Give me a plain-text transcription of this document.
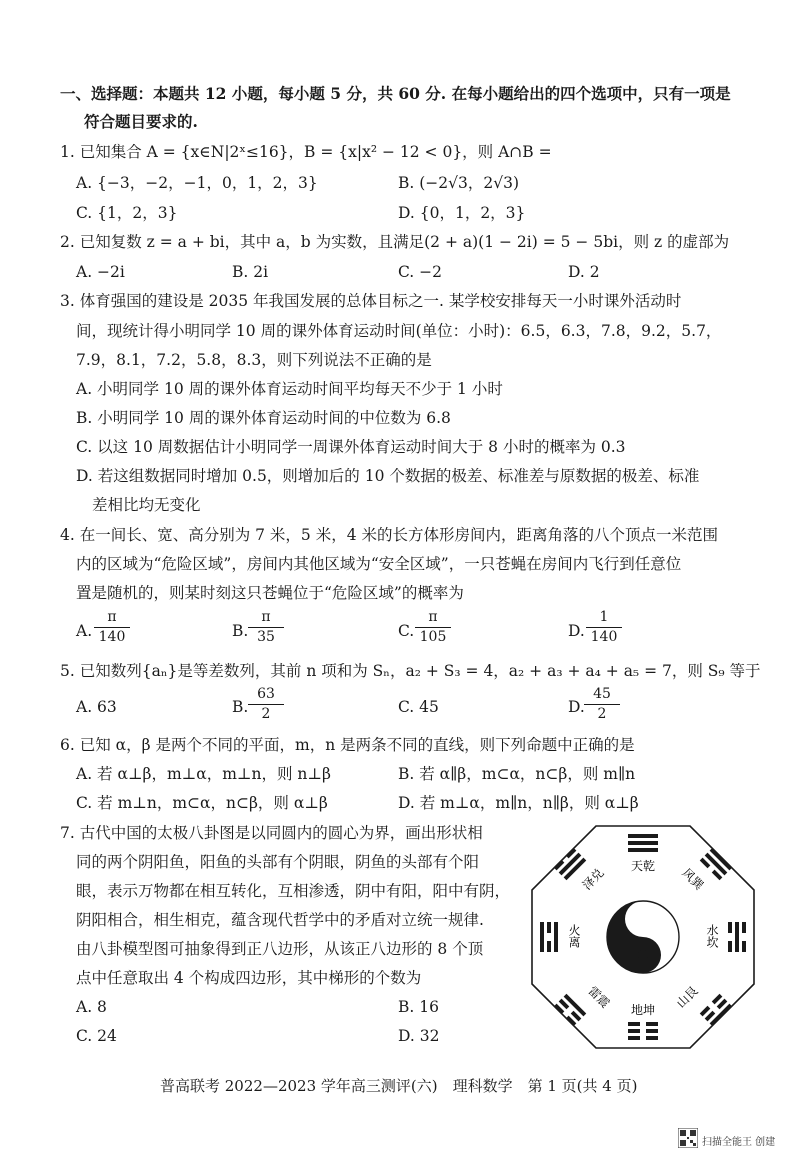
一、选择题：本题共 12 小题，每小题 5 分，共 60 分. 在每小题给出的四个选项中，只有一项是
符合题目要求的.
1. 已知集合 A = {x∈N|2ˣ≤16}，B = {x|x² − 12 < 0}，则 A∩B =
A. {−3，−2，−1，0，1，2，3}	B. (−2√3，2√3)
C. {1，2，3}	D. {0，1，2，3}
2. 已知复数 z = a + bi，其中 a，b 为实数，且满足(2 + a)(1 − 2i) = 5 − 5bi，则 z 的虚部为
A. −2i	B. 2i	C. −2	D. 2
3. 体育强国的建设是 2035 年我国发展的总体目标之一. 某学校安排每天一小时课外活动时
间，现统计得小明同学 10 周的课外体育运动时间(单位：小时)：6.5，6.3，7.8，9.2，5.7，
7.9，8.1，7.2，5.8，8.3，则下列说法不正确的是
A. 小明同学 10 周的课外体育运动时间平均每天不少于 1 小时
B. 小明同学 10 周的课外体育运动时间的中位数为 6.8
C. 以这 10 周数据估计小明同学一周课外体育运动时间大于 8 小时的概率为 0.3
D. 若这组数据同时增加 0.5，则增加后的 10 个数据的极差、标准差与原数据的极差、标准
差相比均无变化
4. 在一间长、宽、高分别为 7 米，5 米，4 米的长方体形房间内，距离角落的八个顶点一米范围
内的区域为“危险区域”，房间内其他区域为“安全区域”，一只苍蝇在房间内飞行到任意位
置是随机的，则某时刻这只苍蝇位于“危险区域”的概率为
A.
π
140	B.
π
35	C.
π
105	D.
1
140
5. 已知数列{aₙ}是等差数列，其前 n 项和为 Sₙ，a₂ + S₃ = 4，a₂ + a₃ + a₄ + a₅ = 7，则 S₉ 等于
A. 63	B.
63
2	C. 45	D.
45
2
6. 已知 α，β 是两个不同的平面，m，n 是两条不同的直线，则下列命题中正确的是
A. 若 α⊥β，m⊥α，m⊥n，则 n⊥β	B. 若 α∥β，m⊂α，n⊂β，则 m∥n
C. 若 m⊥n，m⊂α，n⊂β，则 α⊥β	D. 若 m⊥α，m∥n，n∥β，则 α⊥β
7. 古代中国的太极八卦图是以同圆内的圆心为界，画出形状相
同的两个阴阳鱼，阳鱼的头部有个阴眼，阴鱼的头部有个阳
眼，表示万物都在相互转化，互相渗透，阴中有阳，阳中有阴，
阴阳相合，相生相克，蕴含现代哲学中的矛盾对立统一规律.
由八卦模型图可抽象得到正八边形，从该正八边形的 8 个顶
点中任意取出 4 个构成四边形，其中梯形的个数为
A. 8	B. 16
C. 24	D. 32
天乾
地坤
风巽
泽兑
山艮
雷震
火离	水坎
普高联考 2022—2023 学年高三测评(六)　理科数学　第 1 页(共 4 页)
扫描全能王 创建
